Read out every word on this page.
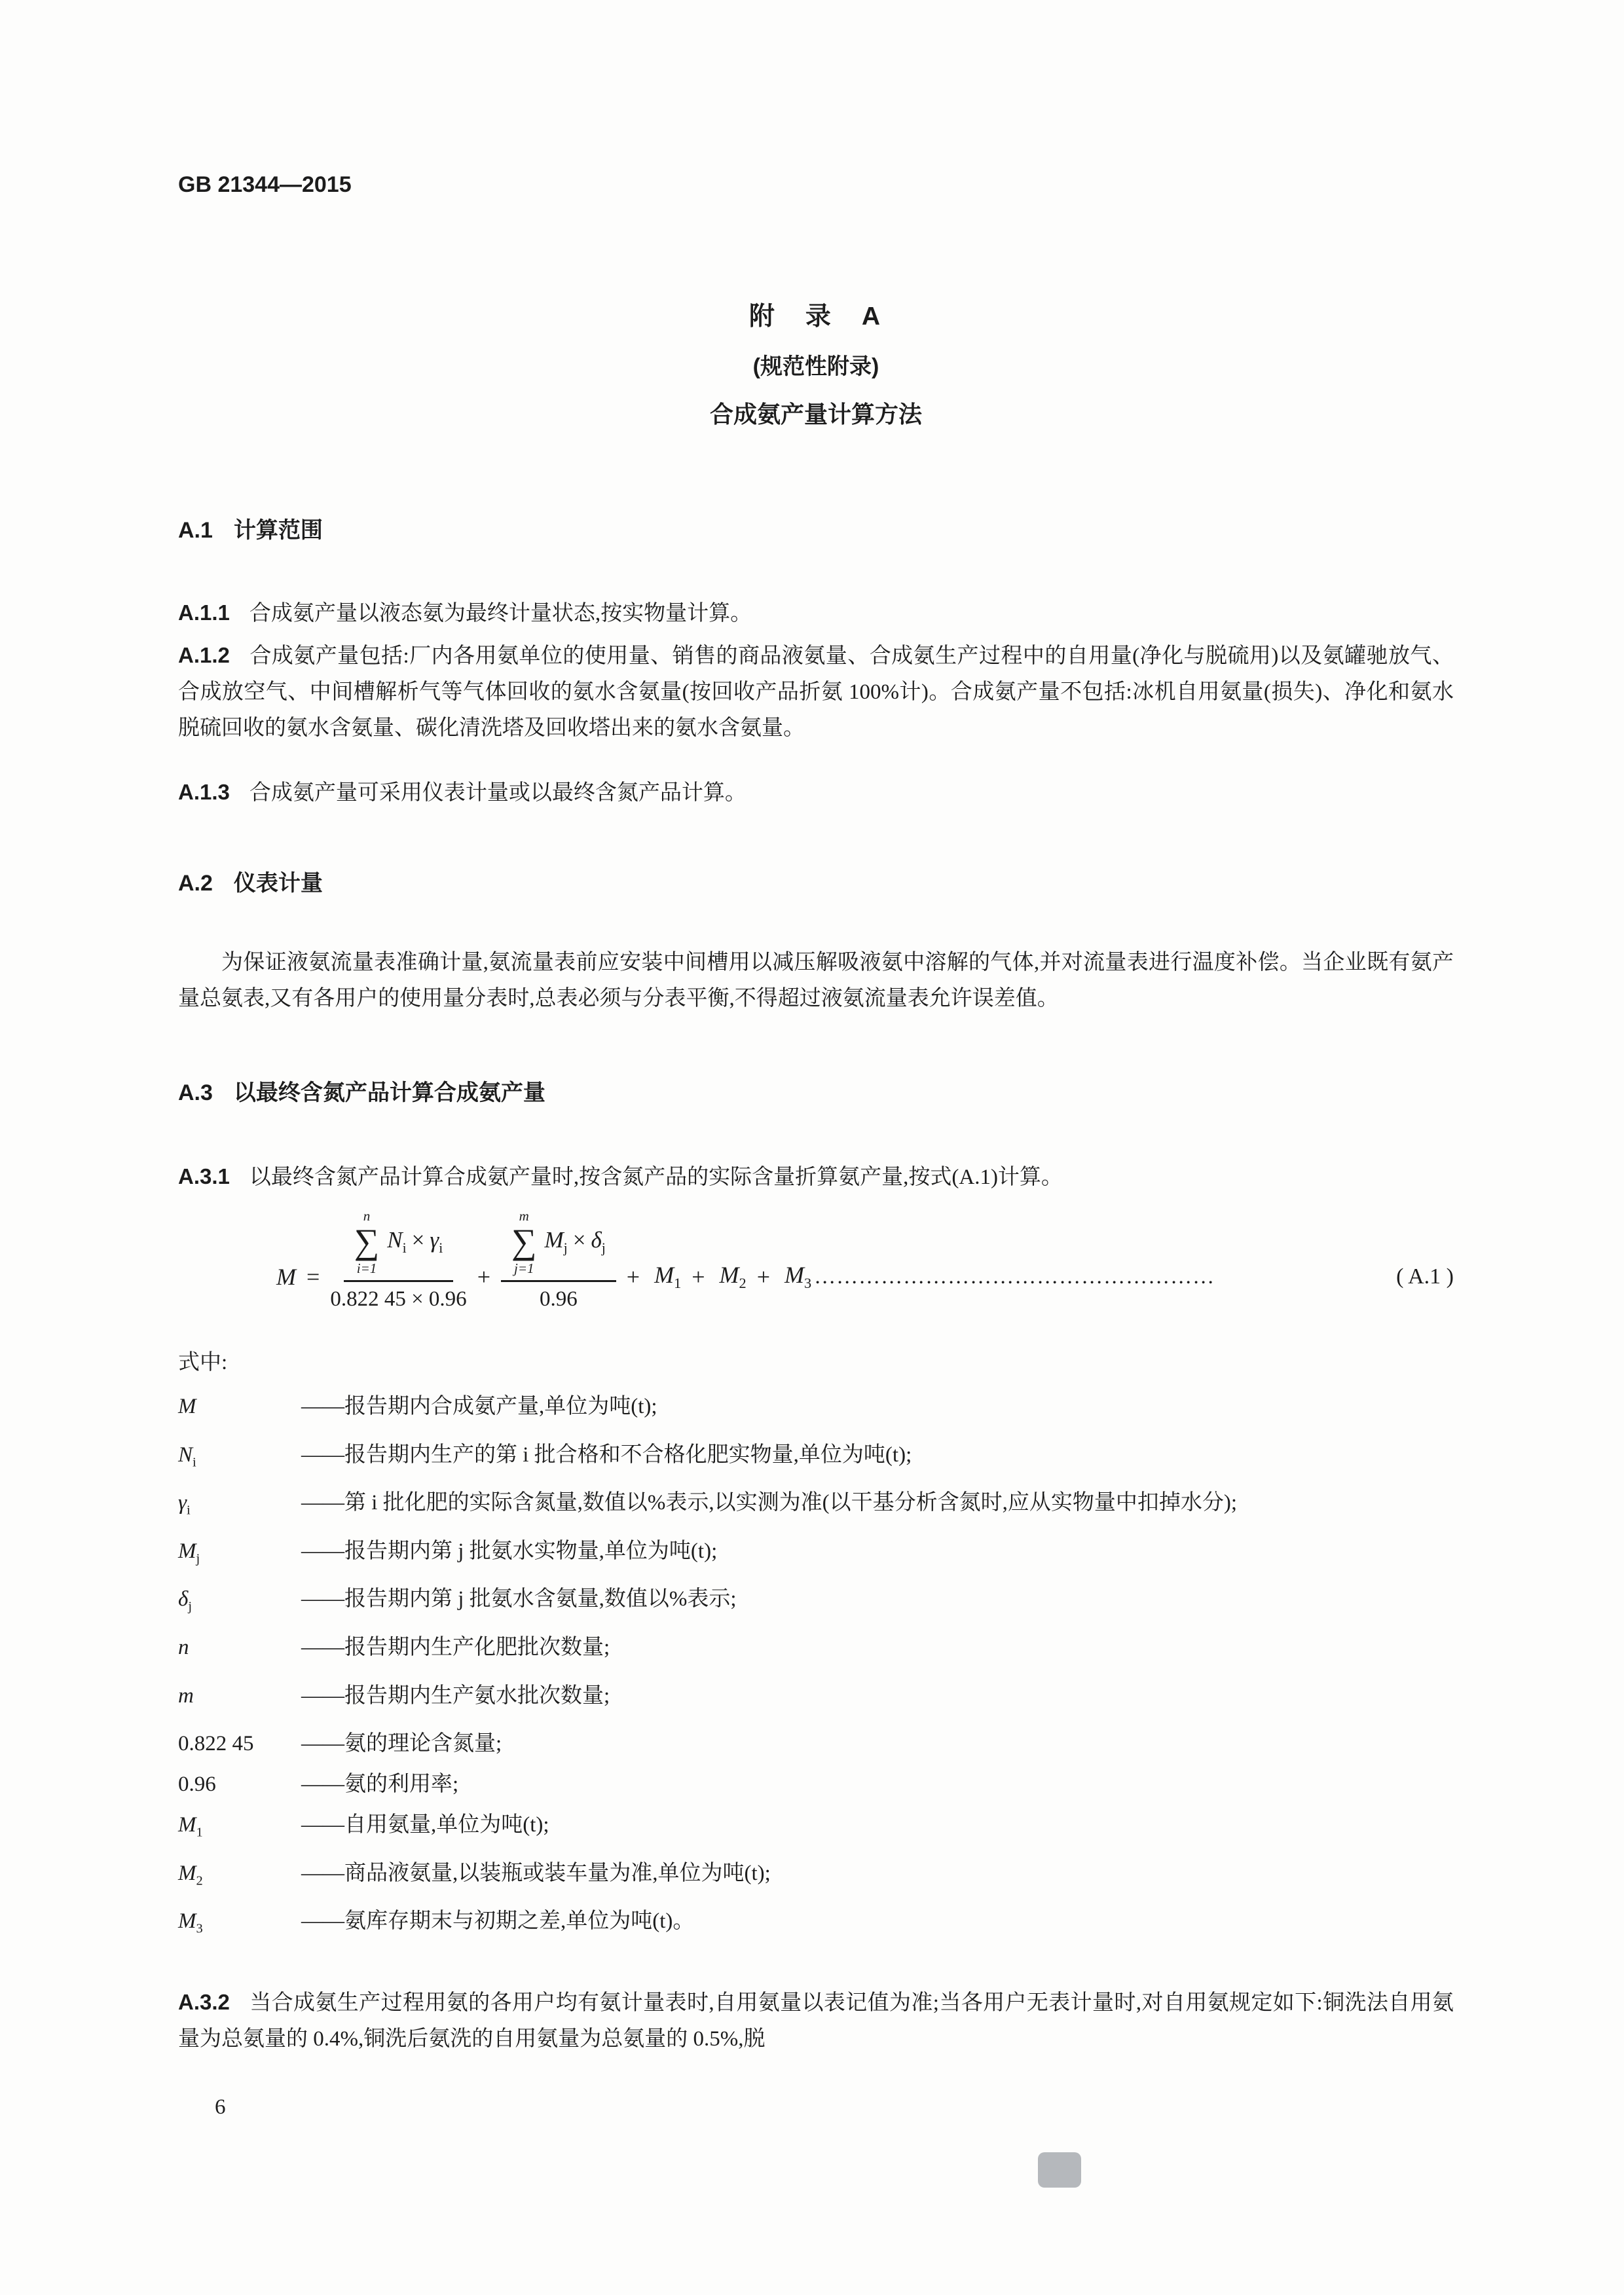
GB 21344—2015
附　录　A
(规范性附录)
合成氨产量计算方法
A.1 计算范围

A.1.1 合成氨产量以液态氨为最终计量状态,按实物量计算。

A.1.2 合成氨产量包括:厂内各用氨单位的使用量、销售的商品液氨量、合成氨生产过程中的自用量(净化与脱硫用)以及氨罐驰放气、合成放空气、中间槽解析气等气体回收的氨水含氨量(按回收产品折氨 100%计)。合成氨产量不包括:冰机自用氨量(损失)、净化和氨水脱硫回收的氨水含氨量、碳化清洗塔及回收塔出来的氨水含氨量。

A.1.3 合成氨产量可采用仪表计量或以最终含氮产品计算。

A.2 仪表计量

为保证液氨流量表准确计量,氨流量表前应安装中间槽用以减压解吸液氨中溶解的气体,并对流量表进行温度补偿。当企业既有氨产量总氨表,又有各用户的使用量分表时,总表必须与分表平衡,不得超过液氨流量表允许误差值。

A.3 以最终含氮产品计算合成氨产量

A.3.1 以最终含氮产品计算合成氨产量时,按含氮产品的实际含量折算氨产量,按式(A.1)计算。

M =
n
∑
i=1
$N_i \times \gamma_i$
0.822 45 × 0.96
+
m
∑
j=1
$M_j \times \delta_j$
0.96
+ $M_1 + M_2 + M_3$ ………………………………………………	( A.1 )
式中:
M	—— 报告期内合成氨产量,单位为吨(t);
$N_i$	—— 报告期内生产的第 i 批合格和不合格化肥实物量,单位为吨(t);
$\gamma_i$	—— 第 i 批化肥的实际含氮量,数值以%表示,以实测为准(以干基分析含氮时,应从实物量中扣掉水分);
$M_j$	—— 报告期内第 j 批氨水实物量,单位为吨(t);
$\delta_j$	—— 报告期内第 j 批氨水含氨量,数值以%表示;
n	—— 报告期内生产化肥批次数量;
m	—— 报告期内生产氨水批次数量;
0.822 45	—— 氨的理论含氮量;
0.96	—— 氨的利用率;
$M_1$	—— 自用氨量,单位为吨(t);
$M_2$	—— 商品液氨量,以装瓶或装车量为准,单位为吨(t);
$M_3$	—— 氨库存期末与初期之差,单位为吨(t)。

A.3.2 当合成氨生产过程用氨的各用户均有氨计量表时,自用氨量以表记值为准;当各用户无表计量时,对自用氨规定如下:铜洗法自用氨量为总氨量的 0.4%,铜洗后氨洗的自用氨量为总氨量的 0.5%,脱

6
